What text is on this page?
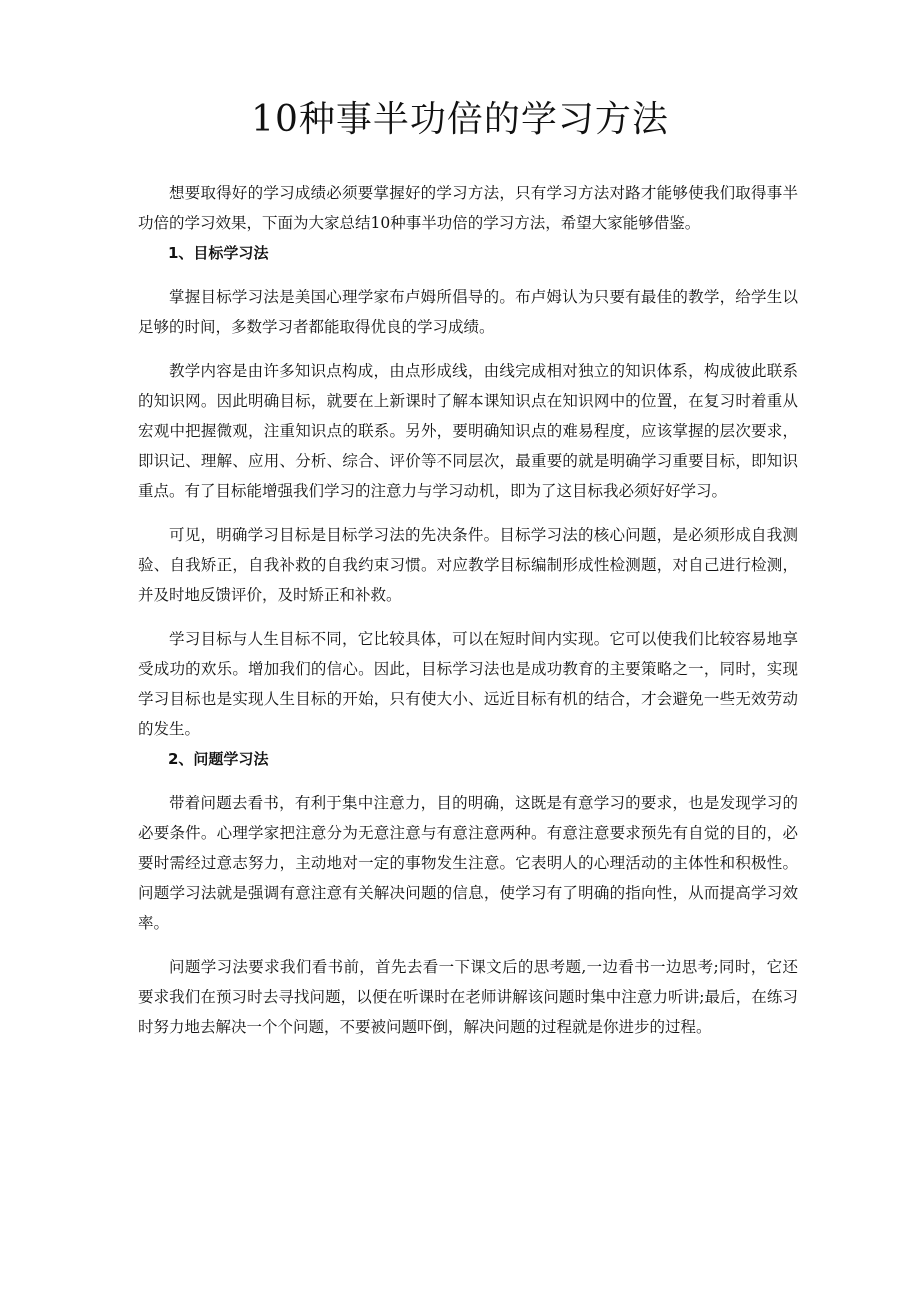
10种事半功倍的学习方法

想要取得好的学习成绩必须要掌握好的学习方法，只有学习方法对路才能够使我们取得事半功倍的学习效果，下面为大家总结10种事半功倍的学习方法，希望大家能够借鉴。

1、目标学习法

掌握目标学习法是美国心理学家布卢姆所倡导的。布卢姆认为只要有最佳的教学，给学生以足够的时间，多数学习者都能取得优良的学习成绩。

教学内容是由许多知识点构成，由点形成线，由线完成相对独立的知识体系，构成彼此联系的知识网。因此明确目标，就要在上新课时了解本课知识点在知识网中的位置，在复习时着重从宏观中把握微观，注重知识点的联系。另外，要明确知识点的难易程度，应该掌握的层次要求，即识记、理解、应用、分析、综合、评价等不同层次，最重要的就是明确学习重要目标，即知识重点。有了目标能增强我们学习的注意力与学习动机，即为了这目标我必须好好学习。

可见，明确学习目标是目标学习法的先决条件。目标学习法的核心问题，是必须形成自我测验、自我矫正，自我补救的自我约束习惯。对应教学目标编制形成性检测题，对自己进行检测，并及时地反馈评价，及时矫正和补救。

学习目标与人生目标不同，它比较具体，可以在短时间内实现。它可以使我们比较容易地享受成功的欢乐。增加我们的信心。因此，目标学习法也是成功教育的主要策略之一，同时，实现学习目标也是实现人生目标的开始，只有使大小、远近目标有机的结合，才会避免一些无效劳动的发生。

2、问题学习法

带着问题去看书，有利于集中注意力，目的明确，这既是有意学习的要求，也是发现学习的必要条件。心理学家把注意分为无意注意与有意注意两种。有意注意要求预先有自觉的目的，必要时需经过意志努力，主动地对一定的事物发生注意。它表明人的心理活动的主体性和积极性。问题学习法就是强调有意注意有关解决问题的信息，使学习有了明确的指向性，从而提高学习效率。

问题学习法要求我们看书前，首先去看一下课文后的思考题,一边看书一边思考;同时，它还要求我们在预习时去寻找问题，以便在听课时在老师讲解该问题时集中注意力听讲;最后，在练习时努力地去解决一个个问题，不要被问题吓倒，解决问题的过程就是你进步的过程。
